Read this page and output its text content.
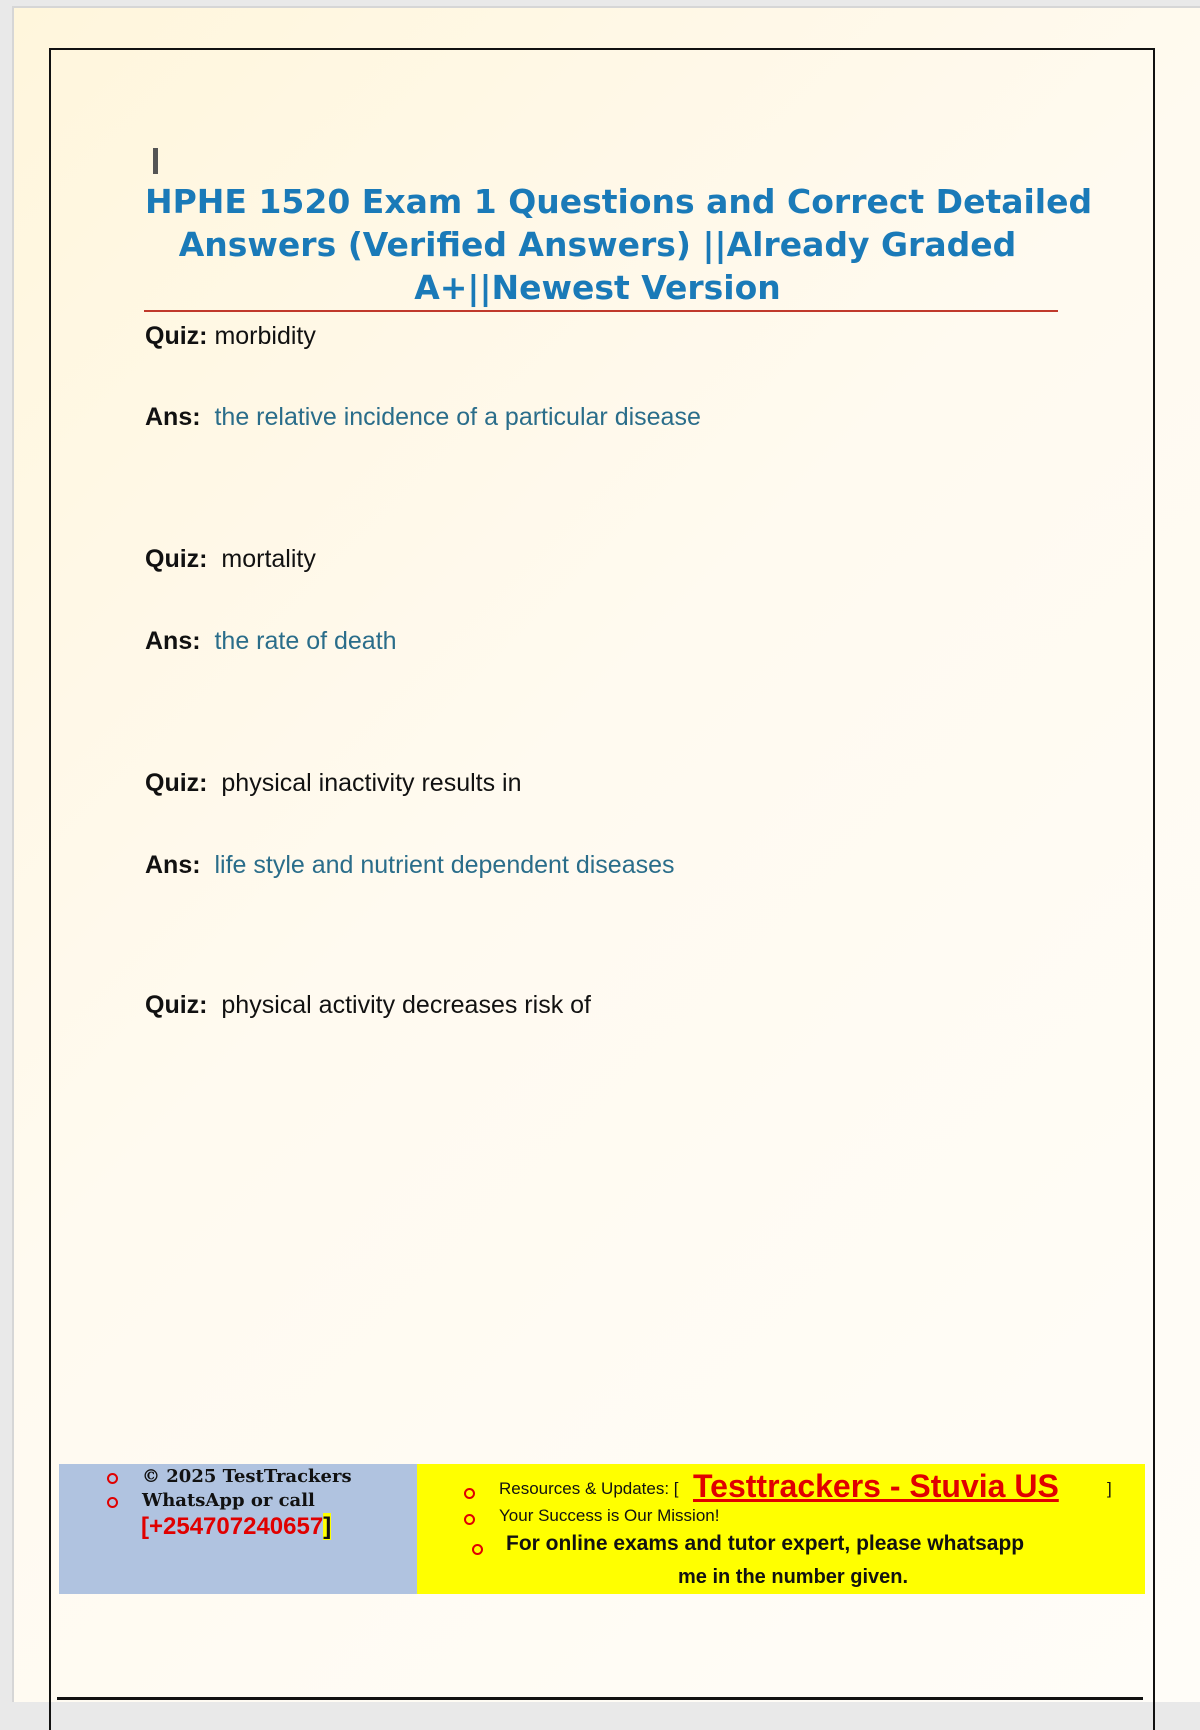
HPHE 1520 Exam 1 Questions and Correct Detailed
Answers (Verified Answers) ||Already Graded
A+||Newest Version
Quiz: morbidity
Ans: the relative incidence of a particular disease
Quiz: mortality
Ans: the rate of death
Quiz: physical inactivity results in
Ans: life style and nutrient dependent diseases
Quiz: physical activity decreases risk of
© 2025 TestTrackers
WhatsApp or call
[+254707240657]
Resources & Updates: [ Testtrackers - Stuvia US	]
Your Success is Our Mission!
For online exams and tutor expert, please whatsapp
me in the number given.
